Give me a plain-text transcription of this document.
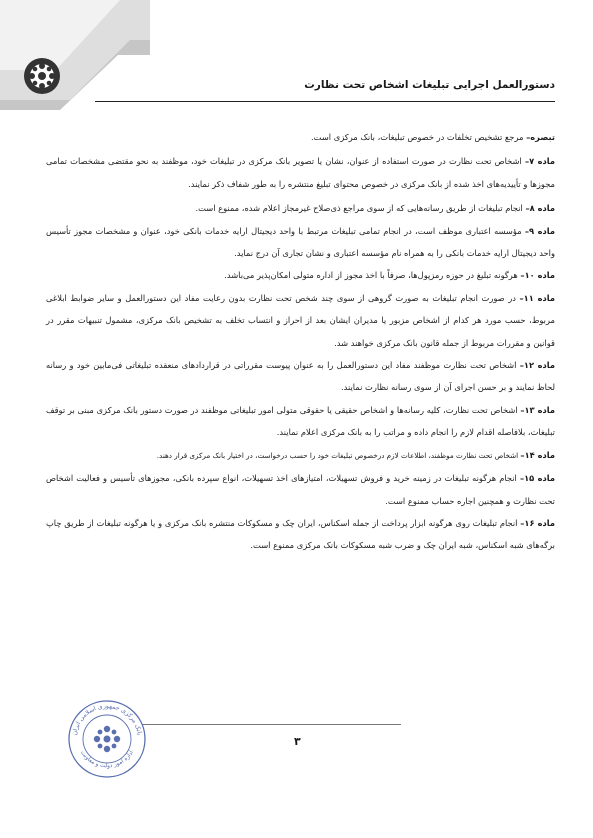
دستورالعمل اجرایی تبلیغات اشخاص تحت نظارت

تبصره– مرجع تشخیص تخلفات در خصوص تبلیغات، بانک مرکزی است.

ماده ۷– اشخاص تحت نظارت در صورت استفاده از عنوان، نشان یا تصویر بانک مرکزی در تبلیغات خود، موظفند به نحو مقتضی مشخصات تمامی مجوزها و تأییدیه‌های اخذ شده از بانک مرکزی در خصوص محتوای تبلیغ منتشره را به طور شفاف ذکر نمایند.

ماده ۸– انجام تبلیغات از طریق رسانه‌هایی که از سوی مراجع ذی‌صلاح غیرمجاز اعلام شده، ممنوع است.

ماده ۹– مؤسسه اعتباری موظف است، در انجام تمامی تبلیغات مرتبط با واحد دیجیتال ارایه خدمات بانکی خود، عنوان و مشخصات مجوز تأسیس واحد دیجیتال ارایه خدمات بانکی را به همراه نام مؤسسه اعتباری و نشان تجاری آن درج نماید.

ماده ۱۰– هرگونه تبلیغ در حوزه رمزپول‌ها، صرفاً با اخذ مجوز از اداره متولی امکان‌پذیر می‌باشد.

ماده ۱۱– در صورت انجام تبلیغات به صورت گروهی از سوی چند شخص تحت نظارت بدون رعایت مفاد این دستورالعمل و سایر ضوابط ابلاغی مربوط، حسب مورد هر کدام از اشخاص مزبور یا مدیران ایشان بعد از احراز و انتساب تخلف به تشخیص بانک مرکزی، مشمول تنبیهات مقرر در قوانین و مقررات مربوط از جمله قانون بانک مرکزی خواهند شد.

ماده ۱۲– اشخاص تحت نظارت موظفند مفاد این دستورالعمل را به عنوان پیوست مقرراتی در قراردادهای منعقده تبلیغاتی فی‌مابین خود و رسانه لحاظ نمایند و بر حسن اجرای آن از سوی رسانه نظارت نمایند.

ماده ۱۳– اشخاص تحت نظارت، کلیه رسانه‌ها و اشخاص حقیقی یا حقوقی متولی امور تبلیغاتی موظفند در صورت دستور بانک مرکزی مبنی بر توقف تبلیغات، بلافاصله اقدام لازم را انجام داده و مراتب را به بانک مرکزی اعلام نمایند.

ماده ۱۴– اشخاص تحت نظارت موظفند، اطلاعات لازم درخصوص تبلیغات خود را حسب درخواست، در اختیار بانک مرکزی قرار دهند.

ماده ۱۵– انجام هرگونه تبلیغات در زمینه خرید و فروش تسهیلات، امتیازهای اخذ تسهیلات، انواع سپرده بانکی، مجوزهای تأسیس و فعالیت اشخاص تحت نظارت و همچنین اجاره حساب ممنوع است.

ماده ۱۶– انجام تبلیغات روی هرگونه ابزار پرداخت از جمله اسکناس، ایران چک و مسکوکات منتشره بانک مرکزی و یا هرگونه تبلیغات از طریق چاپ برگه‌های شبه اسکناس، شبه ایران چک و ضرب شبه مسکوکات بانک مرکزی ممنوع است.

۳
بانک مرکزی جمهوری اسلامی ایران
اداره امور دولت و معاونت
